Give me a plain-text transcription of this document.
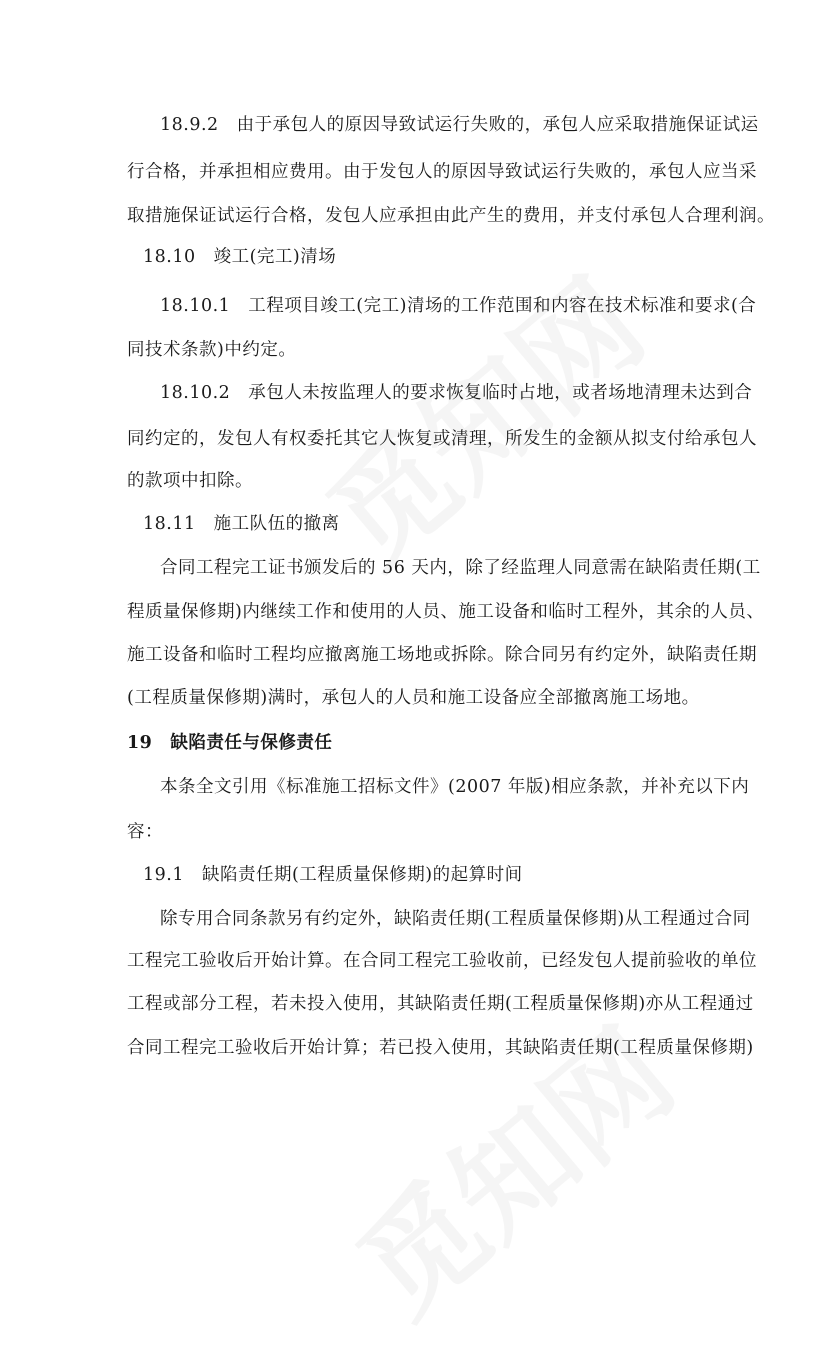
18.9.2　由于承包人的原因导致试运行失败的，承包人应采取措施保证试运
行合格，并承担相应费用。由于发包人的原因导致试运行失败的，承包人应当采
取措施保证试运行合格，发包人应承担由此产生的费用，并支付承包人合理利润。
18.10　竣工(完工)清场
18.10.1　工程项目竣工(完工)清场的工作范围和内容在技术标准和要求(合
同技术条款)中约定。
18.10.2　承包人未按监理人的要求恢复临时占地，或者场地清理未达到合
同约定的，发包人有权委托其它人恢复或清理，所发生的金额从拟支付给承包人
的款项中扣除。
18.11　施工队伍的撤离
合同工程完工证书颁发后的 56 天内，除了经监理人同意需在缺陷责任期(工
程质量保修期)内继续工作和使用的人员、施工设备和临时工程外，其余的人员、
施工设备和临时工程均应撤离施工场地或拆除。除合同另有约定外，缺陷责任期
(工程质量保修期)满时，承包人的人员和施工设备应全部撤离施工场地。
19　缺陷责任与保修责任
本条全文引用《标准施工招标文件》(2007 年版)相应条款，并补充以下内
容：
19.1　缺陷责任期(工程质量保修期)的起算时间
除专用合同条款另有约定外，缺陷责任期(工程质量保修期)从工程通过合同
工程完工验收后开始计算。在合同工程完工验收前，已经发包人提前验收的单位
工程或部分工程，若未投入使用，其缺陷责任期(工程质量保修期)亦从工程通过
合同工程完工验收后开始计算；若已投入使用，其缺陷责任期(工程质量保修期)
